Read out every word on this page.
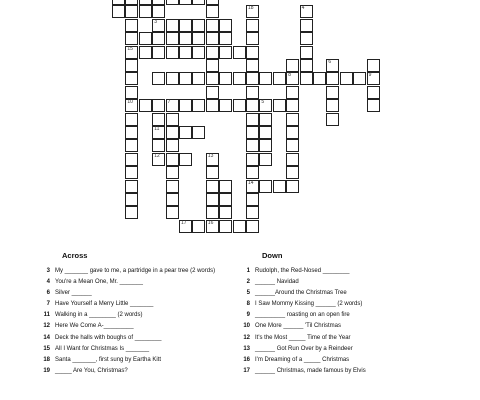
3
15
8	9
10	7	5
11
12
14
17	16
18	4
6
13
Across	Down
3 My _______ gave to me, a partridge in a pear tree (2 words)
4 You're a Mean One, Mr. _______
6 Silver ______
7 Have Yourself a Merry Little _______
11 Walking in a ________ (2 words)
12 Here We Come A-_________
14 Deck the halls with boughs of ________
15 All I Want for Christmas Is _______
18 Santa _______, first sung by Eartha Kitt
19 _____ Are You, Christmas?
1 Rudolph, the Red-Nosed ________
2 ______ Navidad
5 ______Around the Christmas Tree
8 I Saw Mommy Kissing ______ (2 words)
9 _________ roasting on an open fire
10 One More ______ 'Til Christmas
12 It's the Most _____ Time of the Year
13 ______ Got Run Over by a Reindeer
16 I'm Dreaming of a _____ Christmas
17 ______ Christmas, made famous by Elvis
